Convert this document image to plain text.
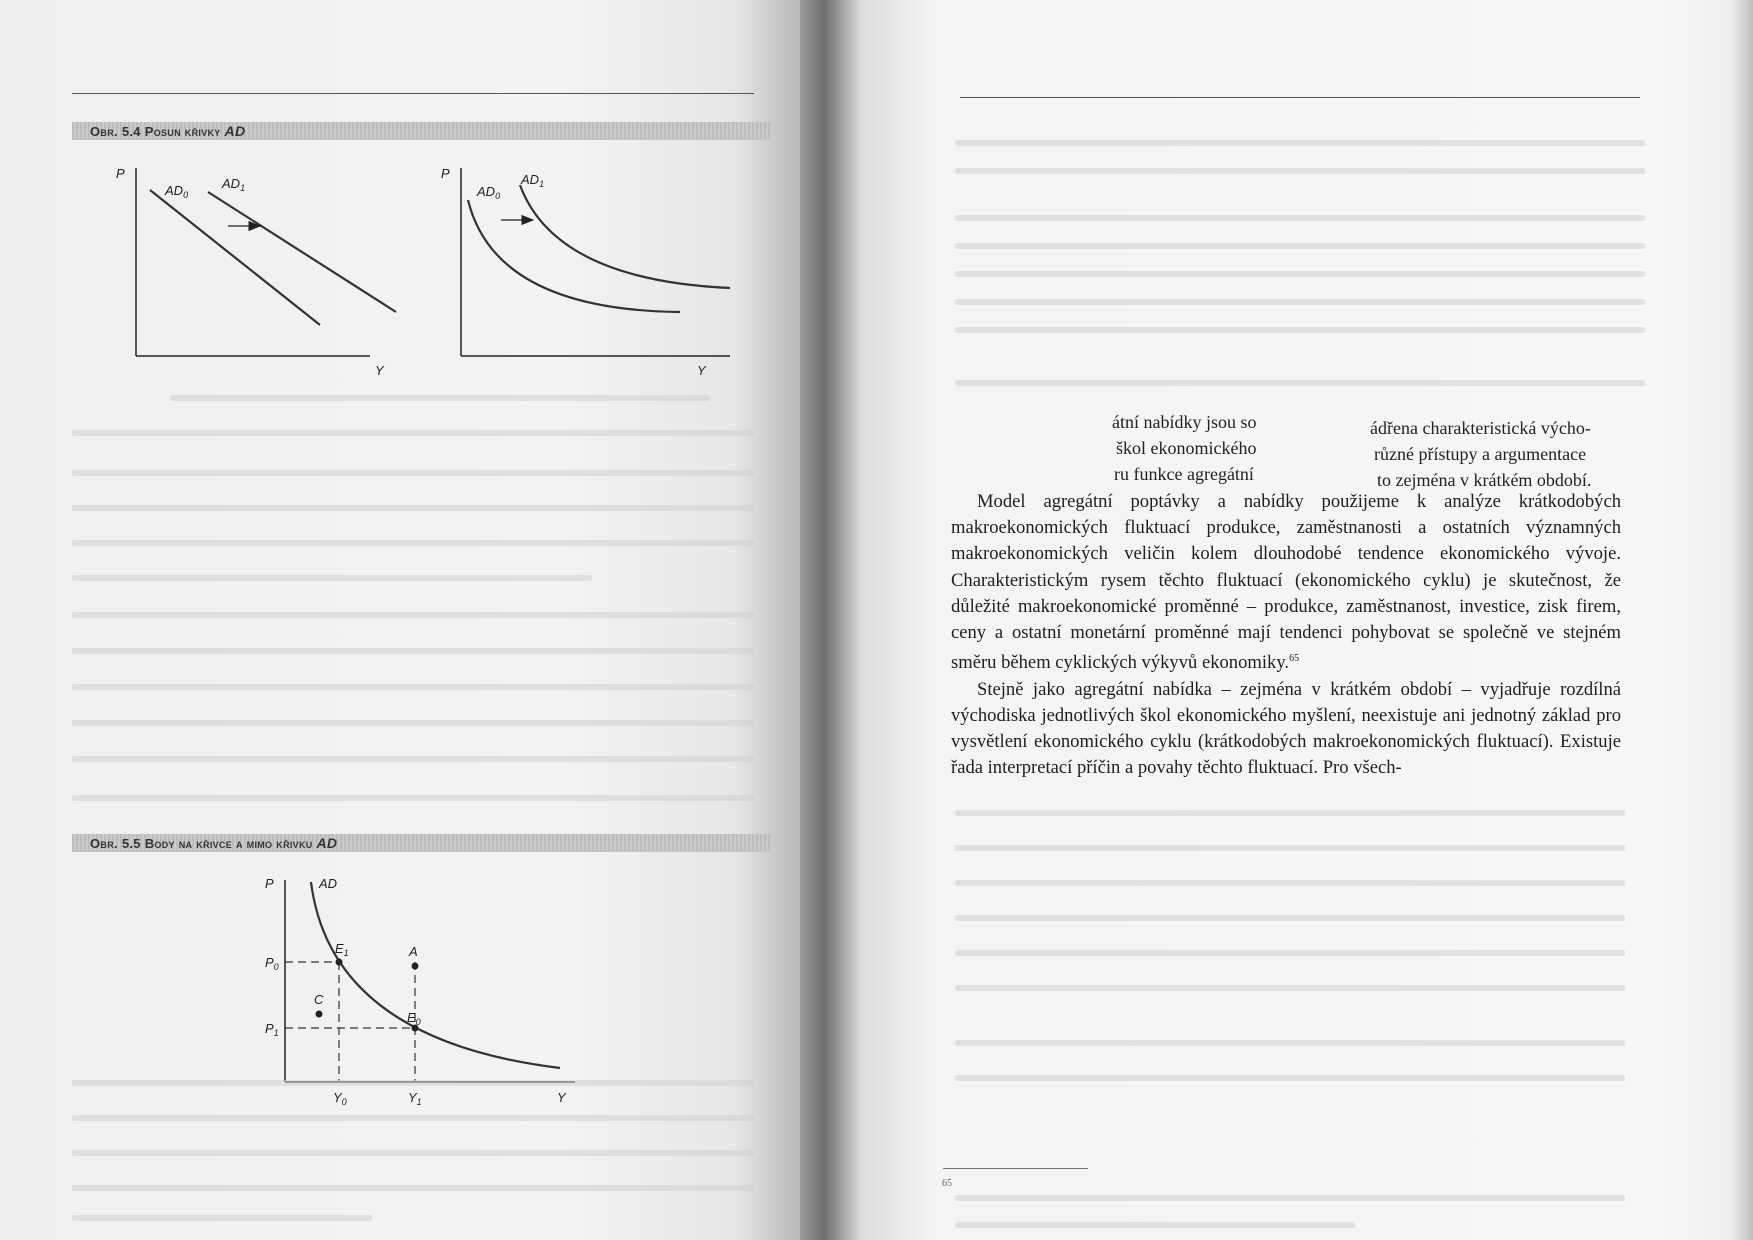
Obr. 5.4 Posun křivky AD
P
Y
$AD_0$
$AD_1$
P
Y
$AD_0$
$AD_1$
Obr. 5.5 Body na křivce a mimo křivku AD
P
Y
AD
$E_1$
$E_0$
A
C
$P_0$
$P_1$
$Y_0$	$Y_1$
átní nabídky jsou so
škol ekonomického
ru funkce agregátní
ádřena charakteristická výcho-
různé přístupy a argumentace
to zejména v krátkém období.

Model agregátní poptávky a nabídky použijeme k analýze krátkodobých makroekonomických fluktuací produkce, zaměstnanosti a ostatních významných makroekonomických veličin kolem dlouhodobé tendence ekonomického vývoje. Charakteristickým rysem těchto fluktuací (ekonomického cyklu) je skutečnost, že důležité makroekonomické proměnné – produkce, zaměstnanost, investice, zisk firem, ceny a ostatní monetární proměnné mají tendenci pohybovat se společně ve stejném směru během cyklických výkyvů ekonomiky.$^{65}$

Stejně jako agregátní nabídka – zejména v krátkém období – vyjadřuje rozdílná východiska jednotlivých škol ekonomického myšlení, neexistuje ani jednotný základ pro vysvětlení ekonomického cyklu (krátkodobých makroekonomických fluktuací). Existuje řada interpretací příčin a povahy těchto fluktuací. Pro všech-

65
